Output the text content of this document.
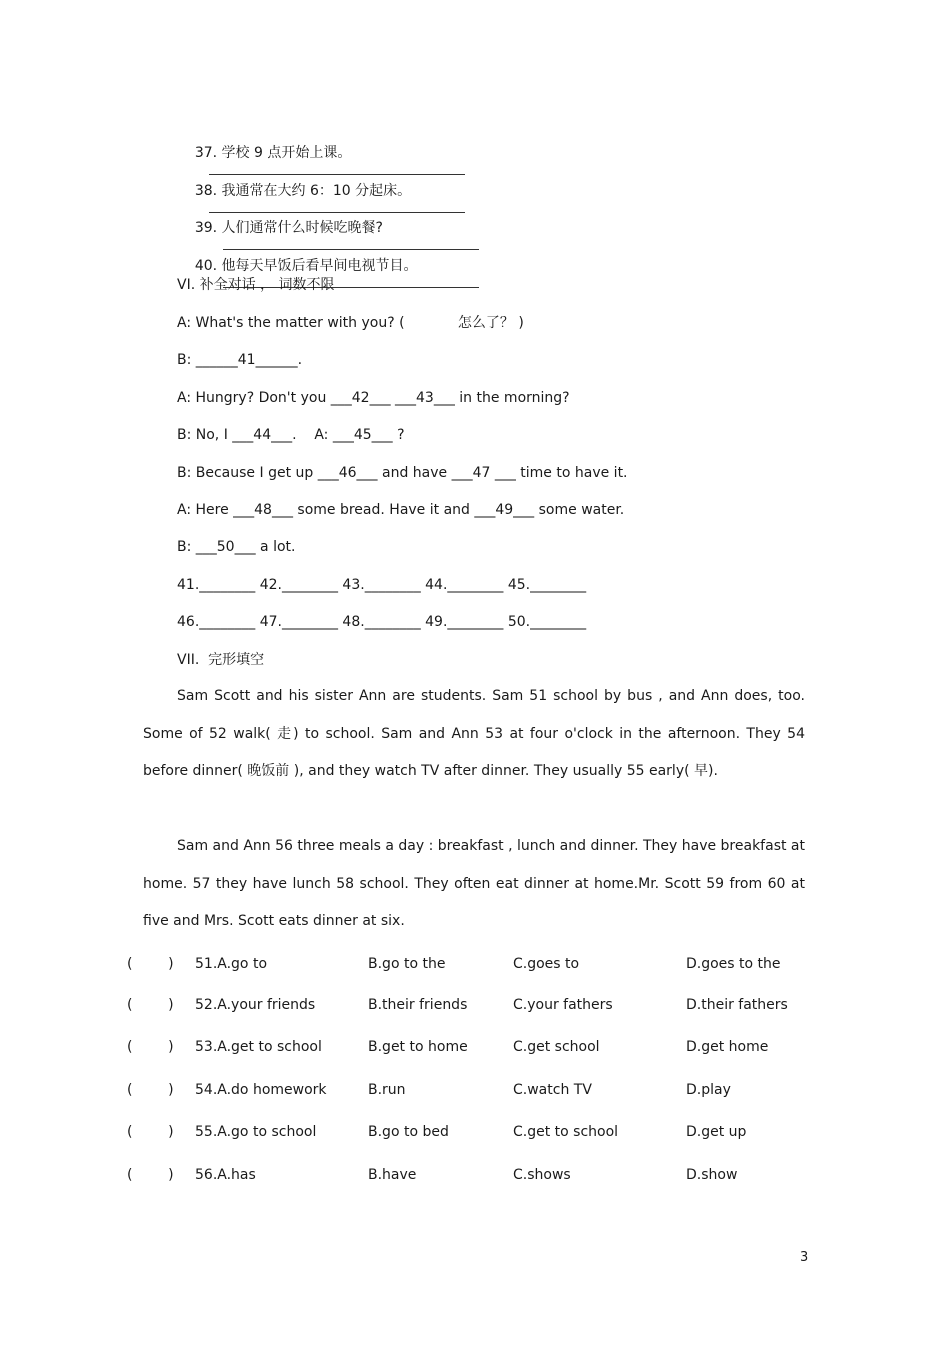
37. 学校 9 点开始上课。

38. 我通常在大约 6：10 分起床。

39. 人们通常什么时候吃晚餐?

40. 他每天早饭后看早间电视节目。

VI. 补全对话 ， 词数不限
A: What's the matter with you? (            怎么了？ )
B: ______41______.
A: Hungry? Don't you ___42___ ___43___ in the morning?
B: No, I ___44___.    A: ___45___ ?
B: Because I get up ___46___ and have ___47 ___ time to have it.
A: Here ___48___ some bread. Have it and ___49___ some water.
B: ___50___ a lot.
41.________ 42.________ 43.________ 44.________ 45.________
46.________ 47.________ 48.________ 49.________ 50.________
VII.  完形填空
Sam Scott and his sister Ann are students. Sam 51 school by bus , and Ann does, too. Some of 52 walk( 走) to school. Sam and Ann 53 at four o'clock in the afternoon. They 54 before dinner( 晚饭前 ), and they watch TV after dinner. They usually 55 early( 早).
Sam and Ann 56 three meals a day : breakfast , lunch and dinner. They have breakfast at home. 57 they have lunch 58 school. They often eat dinner at home.Mr. Scott 59 from 60 at five and Mrs. Scott eats dinner at six.
(        ) 51.A.go to	B.go to the	C.goes to	D.goes to the
(        ) 52.A.your friends	B.their friends	C.your fathers	D.their fathers
(        ) 53.A.get to school	B.get to home	C.get school	D.get home
(        ) 54.A.do homework	B.run	C.watch TV	D.play
(        ) 55.A.go to school	B.go to bed	C.get to school	D.get up
(        ) 56.A.has	B.have	C.shows	D.show
3
